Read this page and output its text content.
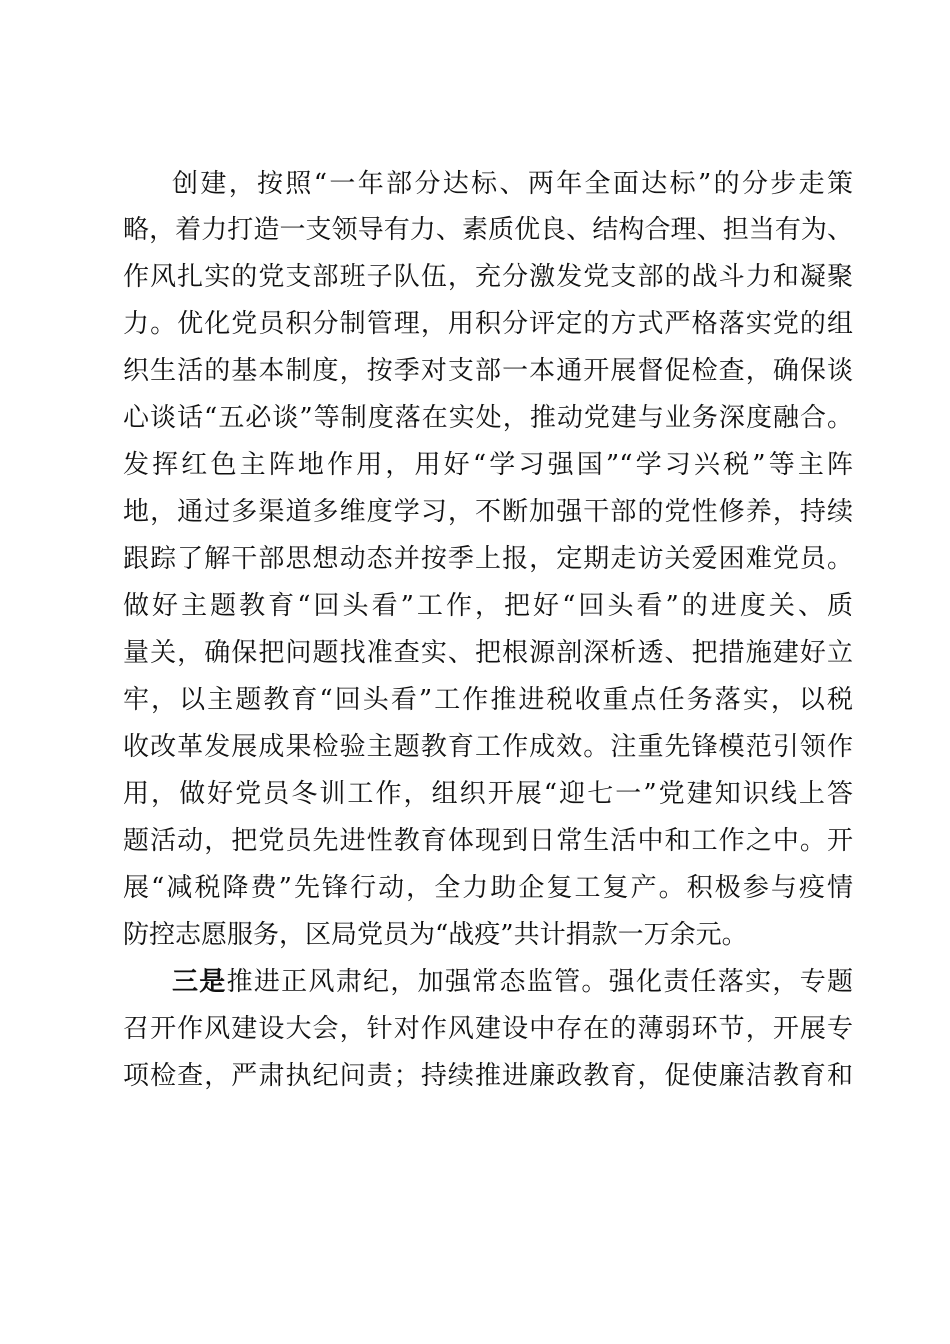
创建，按照“一年部分达标、两年全面达标”的分步走策
略，着力打造一支领导有力、素质优良、结构合理、担当有为、
作风扎实的党支部班子队伍，充分激发党支部的战斗力和凝聚
力。优化党员积分制管理，用积分评定的方式严格落实党的组
织生活的基本制度，按季对支部一本通开展督促检查，确保谈
心谈话“五必谈”等制度落在实处，推动党建与业务深度融合。
发挥红色主阵地作用，用好“学习强国”“学习兴税”等主阵
地，通过多渠道多维度学习，不断加强干部的党性修养，持续
跟踪了解干部思想动态并按季上报，定期走访关爱困难党员。
做好主题教育“回头看”工作，把好“回头看”的进度关、质
量关，确保把问题找准查实、把根源剖深析透、把措施建好立
牢，以主题教育“回头看”工作推进税收重点任务落实，以税
收改革发展成果检验主题教育工作成效。注重先锋模范引领作
用，做好党员冬训工作，组织开展“迎七一”党建知识线上答
题活动，把党员先进性教育体现到日常生活中和工作之中。开
展“减税降费”先锋行动，全力助企复工复产。积极参与疫情
防控志愿服务，区局党员为“战疫”共计捐款一万余元。
三是推进正风肃纪，加强常态监管。强化责任落实，专题
召开作风建设大会，针对作风建设中存在的薄弱环节，开展专
项检查，严肃执纪问责；持续推进廉政教育，促使廉洁教育和
